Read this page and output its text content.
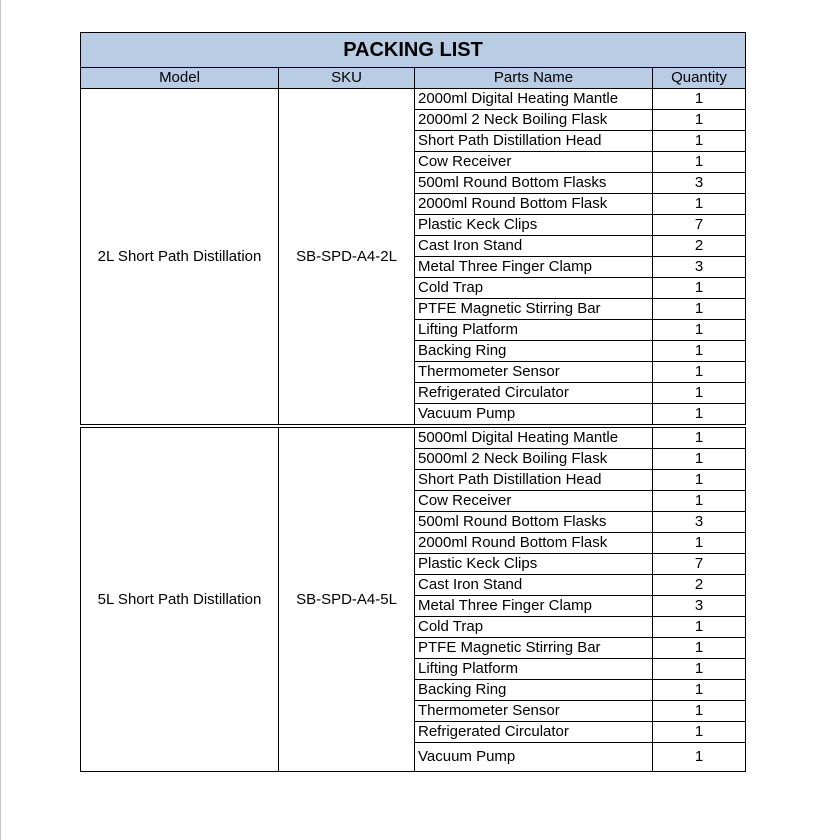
PACKING LIST			
Model	SKU	Parts Name	Quantity
2L Short Path Distillation	SB-SPD-A4-2L	2000ml Digital Heating Mantle	1
		2000ml 2 Neck Boiling Flask	1
		Short Path Distillation Head	1
		Cow Receiver	1
		500ml Round Bottom Flasks	3
		2000ml Round Bottom Flask	1
		Plastic Keck Clips	7
		Cast Iron Stand	2
		Metal Three Finger Clamp	3
		Cold Trap	1
		PTFE Magnetic Stirring Bar	1
		Lifting Platform	1
		Backing Ring	1
		Thermometer Sensor	1
		Refrigerated Circulator	1
		Vacuum Pump	1
5L Short Path Distillation	SB-SPD-A4-5L	5000ml Digital Heating Mantle	1
		5000ml 2 Neck Boiling Flask	1
		Short Path Distillation Head	1
		Cow Receiver	1
		500ml Round Bottom Flasks	3
		2000ml Round Bottom Flask	1
		Plastic Keck Clips	7
		Cast Iron Stand	2
		Metal Three Finger Clamp	3
		Cold Trap	1
		PTFE Magnetic Stirring Bar	1
		Lifting Platform	1
		Backing Ring	1
		Thermometer Sensor	1
		Refrigerated Circulator	1
		Vacuum Pump	1
